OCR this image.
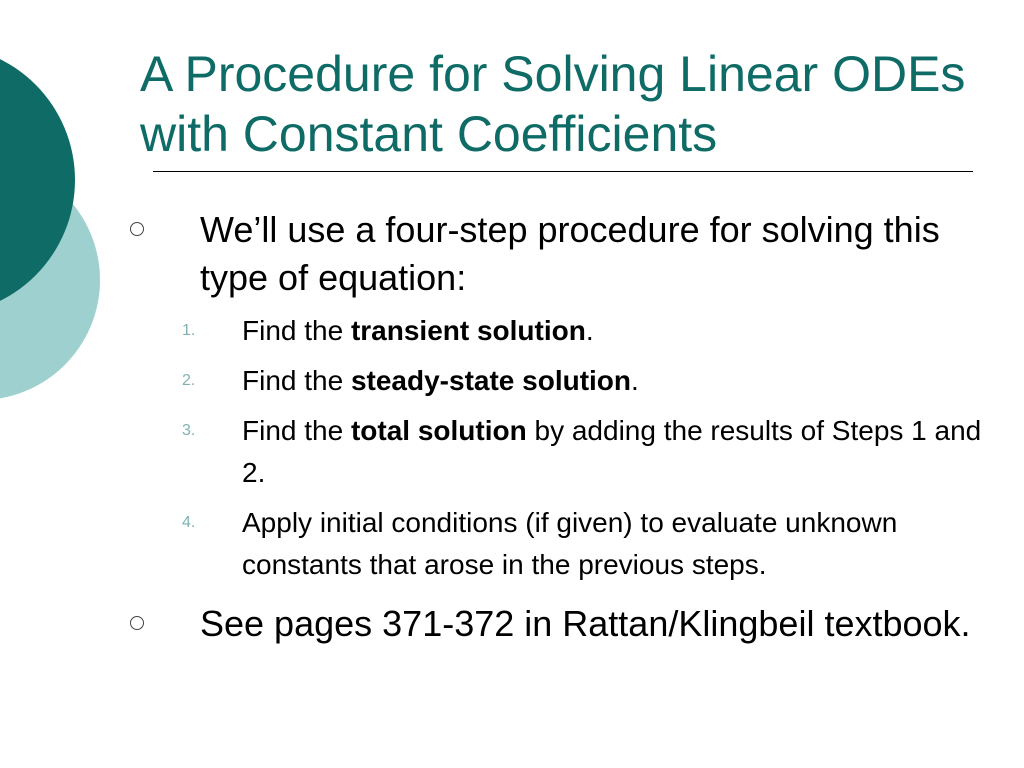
A Procedure for Solving Linear ODEs with Constant Coefficients
We’ll use a four-step procedure for solving this type of equation:
1. Find the transient solution.
2. Find the steady-state solution.
3. Find the total solution by adding the results of Steps 1 and 2.
4. Apply initial conditions (if given) to evaluate unknown constants that arose in the previous steps.
See pages 371-372 in Rattan/Klingbeil textbook.
